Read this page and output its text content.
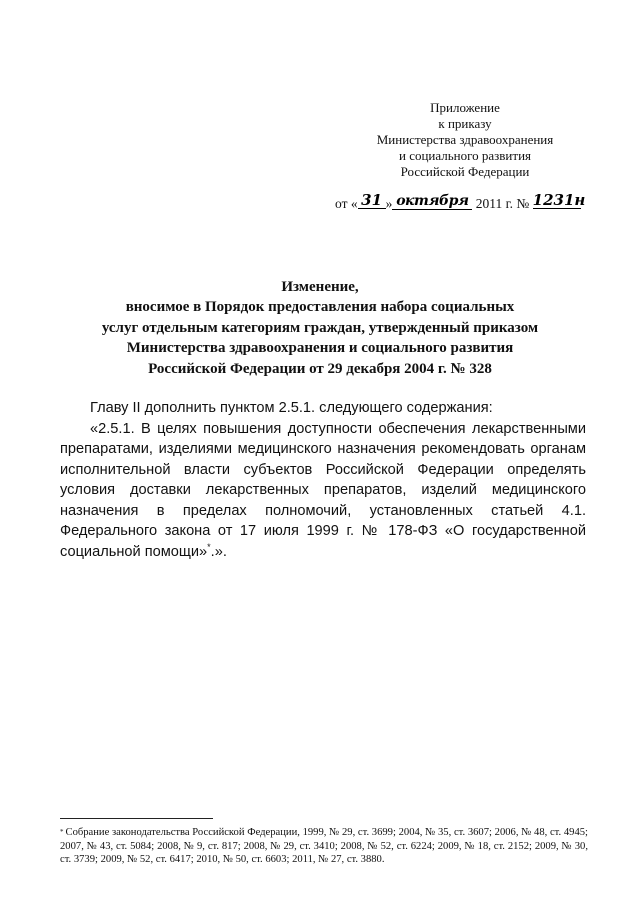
Приложение
к приказу
Министерства здравоохранения
и социального развития
Российской Федерации
от « 31 » октября 2011 г. № 1231н
Изменение,
вносимое в Порядок предоставления набора социальных
услуг отдельным категориям граждан, утвержденный приказом
Министерства здравоохранения и социального развития
Российской Федерации от 29 декабря 2004 г. № 328
Главу II дополнить пунктом 2.5.1. следующего содержания:
«2.5.1. В целях повышения доступности обеспечения лекарственными препаратами, изделиями медицинского назначения рекомендовать органам исполнительной власти субъектов Российской Федерации определять условия доставки лекарственных препаратов, изделий медицинского назначения в пределах полномочий, установленных статьей 4.1. Федерального закона от 17 июля 1999 г. № 178-ФЗ «О государственной социальной помощи»*.».
* Собрание законодательства Российской Федерации, 1999, № 29, ст. 3699; 2004, № 35, ст. 3607; 2006, № 48, ст. 4945; 2007, № 43, ст. 5084; 2008, № 9, ст. 817; 2008, № 29, ст. 3410; 2008, № 52, ст. 6224; 2009, № 18, ст. 2152; 2009, № 30, ст. 3739; 2009, № 52, ст. 6417; 2010, № 50, ст. 6603; 2011, № 27, ст. 3880.
